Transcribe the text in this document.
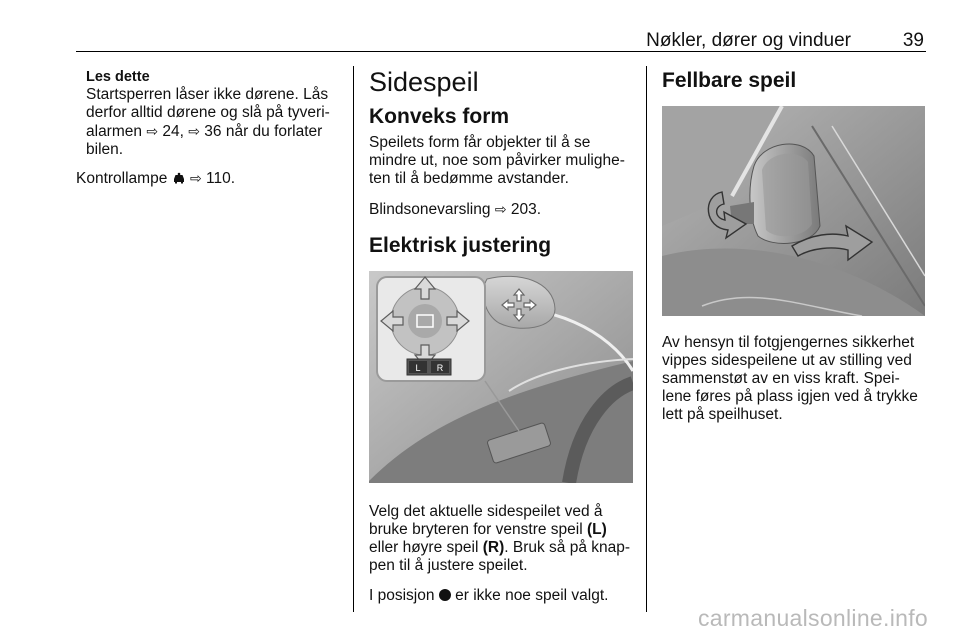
Nøkler, dører og vinduer	39
Les dette
Startsperren låser ikke dørene. Lås
derfor alltid dørene og slå på tyveri-
alarmen ⇨ 24, ⇨ 36 når du forlater
bilen.

Kontrollampe ⇨ 110.

Sidespeil
Konveks form

Speilets form får objekter til å se mindre ut, noe som påvirker mulighe-ten til å bedømme avstander.

Blindsonevarsling ⇨ 203.

Elektrisk justering
L R

Velg det aktuelle sidespeilet ved å bruke bryteren for venstre speil (L) eller høyre speil (R). Bruk så på knap-pen til å justere speilet.

I posisjon er ikke noe speil valgt.

Fellbare speil

Av hensyn til fotgjengernes sikkerhet vippes sidespeilene ut av stilling ved sammenstøt av en viss kraft. Spei-lene føres på plass igjen ved å trykke lett på speilhuset.

carmanualsonline.info
